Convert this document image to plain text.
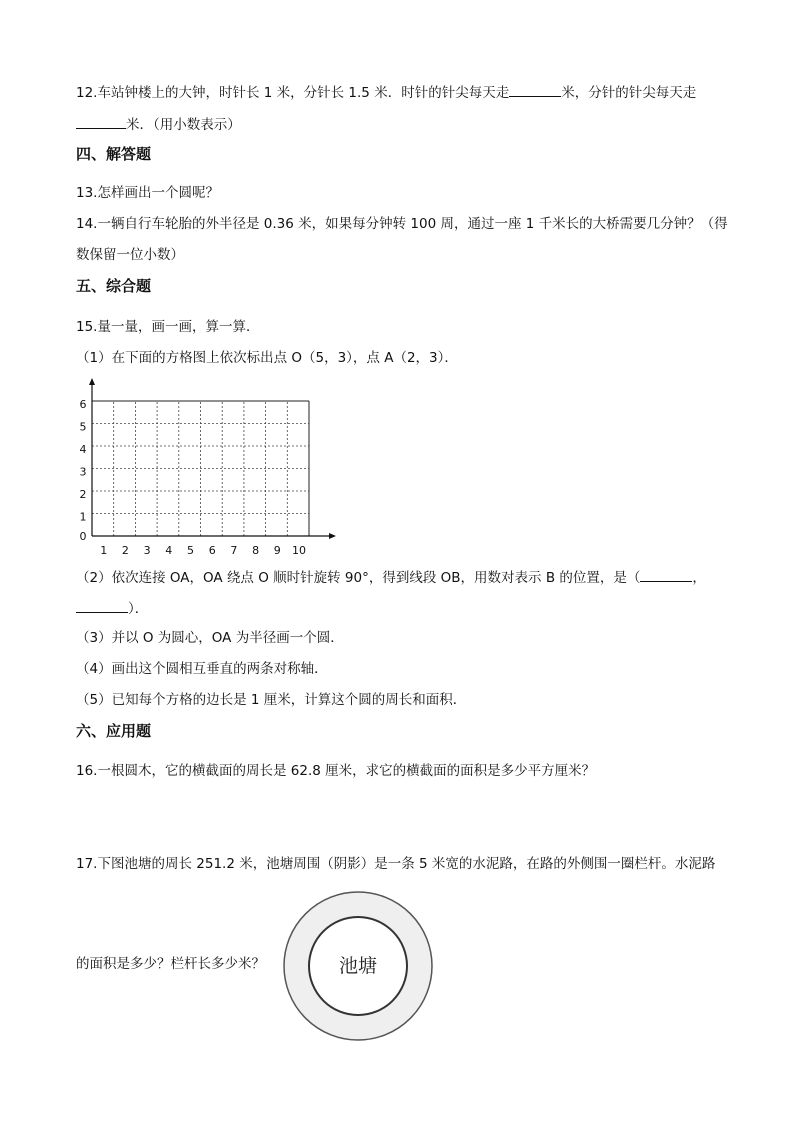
12.车站钟楼上的大钟，时针长 1 米，分针长 1.5 米．时针的针尖每天走	米，分针的针尖每天走
米．（用小数表示）
四、解答题
13.怎样画出一个圆呢？
14.一辆自行车轮胎的外半径是 0.36 米，如果每分钟转 100 周，通过一座 1 千米长的大桥需要几分钟？（得
数保留一位小数）
五、综合题
15.量一量，画一画，算一算．
（1）在下面的方格图上依次标出点 O（5，3），点 A（2，3）．
1 2 3 4 5 6 7 8 9 10
1
2
3
4
5
6
0
（2）依次连接 OA，OA 绕点 O 顺时针旋转 90°，得到线段 OB，用数对表示 B 的位置，是（	，
）．
（3）并以 O 为圆心，OA 为半径画一个圆．
（4）画出这个圆相互垂直的两条对称轴．
（5）已知每个方格的边长是 1 厘米，计算这个圆的周长和面积．
六、应用题
16.一根圆木，它的横截面的周长是 62.8 厘米，求它的横截面的面积是多少平方厘米？
17.下图池塘的周长 251.2 米，池塘周围（阴影）是一条 5 米宽的水泥路，在路的外侧围一圈栏杆。水泥路
的面积是多少？栏杆长多少米？	池塘
